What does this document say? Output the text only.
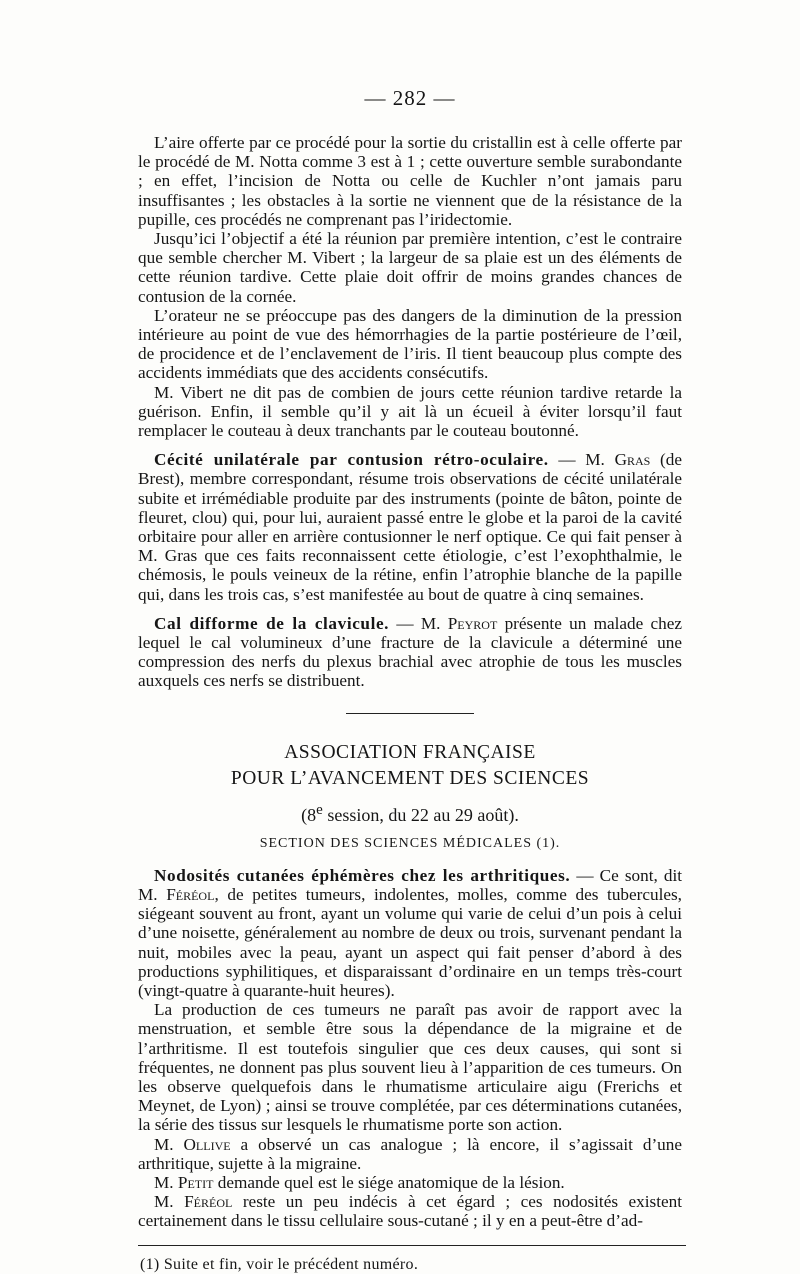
— 282 —

L’aire offerte par ce procédé pour la sortie du cristallin est à celle offerte par le procédé de M. Notta comme 3 est à 1 ; cette ouverture semble surabondante ; en effet, l’incision de Notta ou celle de Kuchler n’ont jamais paru insuffisantes ; les obstacles à la sortie ne viennent que de la résistance de la pupille, ces procédés ne comprenant pas l’iridectomie.

Jusqu’ici l’objectif a été la réunion par première intention, c’est le contraire que semble chercher M. Vibert ; la largeur de sa plaie est un des éléments de cette réunion tardive. Cette plaie doit offrir de moins grandes chances de contusion de la cornée.

L’orateur ne se préoccupe pas des dangers de la diminution de la pression intérieure au point de vue des hémorrhagies de la partie postérieure de l’œil, de procidence et de l’enclavement de l’iris. Il tient beaucoup plus compte des accidents immédiats que des accidents consécutifs.

M. Vibert ne dit pas de combien de jours cette réunion tardive retarde la guérison. Enfin, il semble qu’il y ait là un écueil à éviter lorsqu’il faut remplacer le couteau à deux tranchants par le couteau boutonné.

Cécité unilatérale par contusion rétro-oculaire. — M. Gras (de Brest), membre correspondant, résume trois observations de cécité unilatérale subite et irrémédiable produite par des instruments (pointe de bâton, pointe de fleuret, clou) qui, pour lui, auraient passé entre le globe et la paroi de la cavité orbitaire pour aller en arrière contusionner le nerf optique. Ce qui fait penser à M. Gras que ces faits reconnaissent cette étiologie, c’est l’exophthalmie, le chémosis, le pouls veineux de la rétine, enfin l’atrophie blanche de la papille qui, dans les trois cas, s’est manifestée au bout de quatre à cinq semaines.

Cal difforme de la clavicule. — M. Peyrot présente un malade chez lequel le cal volumineux d’une fracture de la clavicule a déterminé une compression des nerfs du plexus brachial avec atrophie de tous les muscles auxquels ces nerfs se distribuent.

ASSOCIATION FRANÇAISE
POUR L’AVANCEMENT DES SCIENCES
(8e session, du 22 au 29 août).
SECTION DES SCIENCES MÉDICALES (1).

Nodosités cutanées éphémères chez les arthritiques. — Ce sont, dit M. Féréol, de petites tumeurs, indolentes, molles, comme des tubercules, siégeant souvent au front, ayant un volume qui varie de celui d’un pois à celui d’une noisette, généralement au nombre de deux ou trois, survenant pendant la nuit, mobiles avec la peau, ayant un aspect qui fait penser d’abord à des productions syphilitiques, et disparaissant d’ordinaire en un temps très-court (vingt-quatre à quarante-huit heures).

La production de ces tumeurs ne paraît pas avoir de rapport avec la menstruation, et semble être sous la dépendance de la migraine et de l’arthritisme. Il est toutefois singulier que ces deux causes, qui sont si fréquentes, ne donnent pas plus souvent lieu à l’apparition de ces tumeurs. On les observe quelquefois dans le rhumatisme articulaire aigu (Frerichs et Meynet, de Lyon) ; ainsi se trouve complétée, par ces déterminations cutanées, la série des tissus sur lesquels le rhumatisme porte son action.

M. Ollive a observé un cas analogue ; là encore, il s’agissait d’une arthritique, sujette à la migraine.

M. Petit demande quel est le siége anatomique de la lésion.

M. Féréol reste un peu indécis à cet égard ; ces nodosités existent certainement dans le tissu cellulaire sous-cutané ; il y en a peut-être d’ad-

(1) Suite et fin, voir le précédent numéro.
